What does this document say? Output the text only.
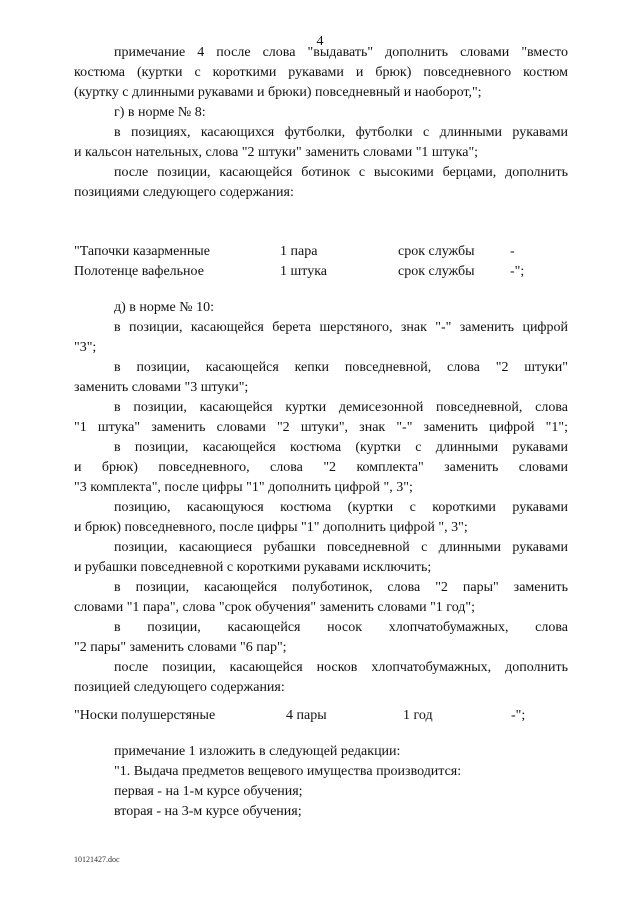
4
примечание 4 после слова "выдавать" дополнить словами "вместо
костюма (куртки с короткими рукавами и брюк) повседневного костюм
(куртку с длинными рукавами и брюки) повседневный и наоборот,";
г) в норме № 8:
в позициях, касающихся футболки, футболки с длинными рукавами
и кальсон нательных, слова "2 штуки" заменить словами "1 штука";
после позиции, касающейся ботинок с высокими берцами, дополнить
позициями следующего содержания:
"Тапочки казарменные	1 пара	срок службы	-
Полотенце вафельное	1 штука	срок службы	-";
д) в норме № 10:
в позиции, касающейся берета шерстяного, знак "-" заменить цифрой
"3";
в позиции, касающейся кепки повседневной, слова "2 штуки"
заменить словами "3 штуки";
в позиции, касающейся куртки демисезонной повседневной, слова
"1 штука" заменить словами "2 штуки", знак "-" заменить цифрой "1";
в позиции, касающейся костюма (куртки с длинными рукавами
и брюк) повседневного, слова "2 комплекта" заменить словами
"3 комплекта", после цифры "1" дополнить цифрой ", 3";
позицию, касающуюся костюма (куртки с короткими рукавами
и брюк) повседневного, после цифры "1" дополнить цифрой ", 3";
позиции, касающиеся рубашки повседневной с длинными рукавами
и рубашки повседневной с короткими рукавами исключить;
в позиции, касающейся полуботинок, слова "2 пары" заменить
словами "1 пара", слова "срок обучения" заменить словами "1 год";
в позиции, касающейся носок хлопчатобумажных, слова
"2 пары" заменить словами "6 пар";
после позиции, касающейся носков хлопчатобумажных, дополнить
позицией следующего содержания:
"Носки полушерстяные	4 пары	1 год	-";
примечание 1 изложить в следующей редакции:
"1. Выдача предметов вещевого имущества производится:
первая - на 1-м курсе обучения;
вторая - на 3-м курсе обучения;
10121427.doc
